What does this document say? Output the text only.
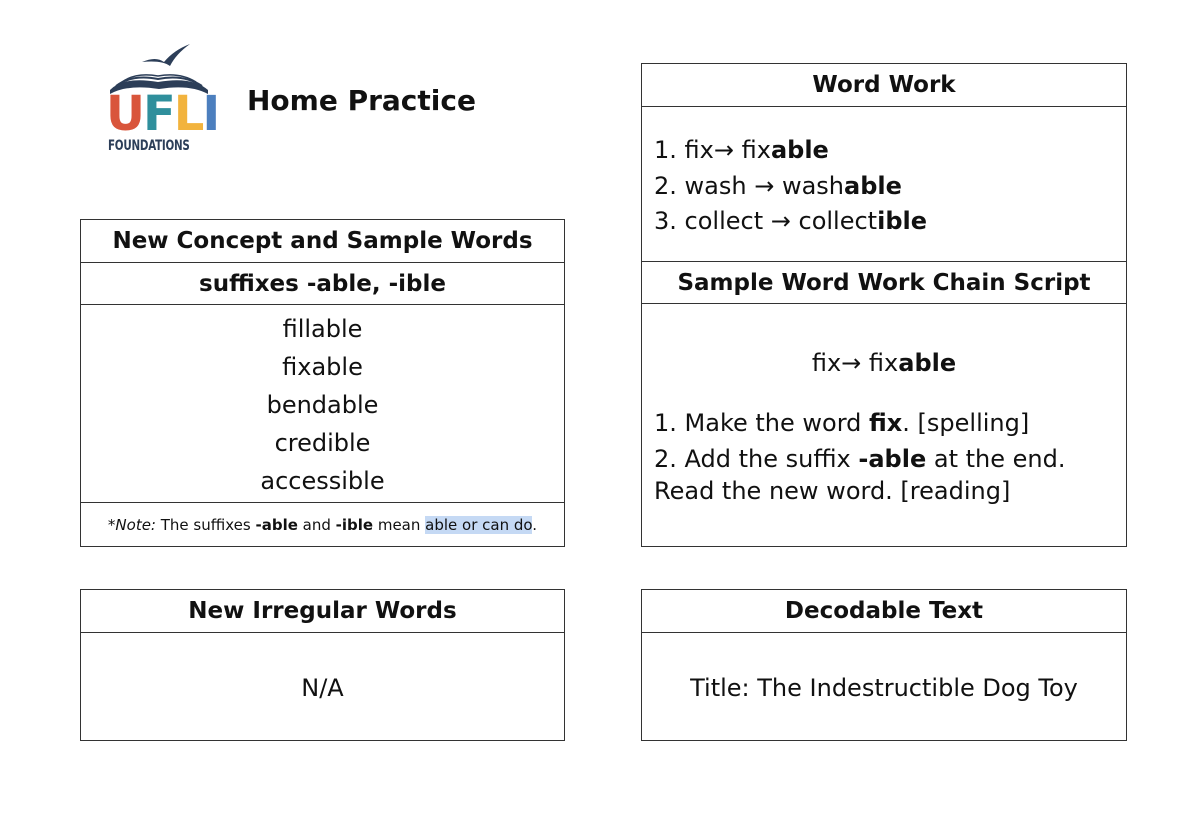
U F L I
FOUNDATIONS
Home Practice
New Concept and Sample Words
suffixes -able, -ible
fillable
fixable
bendable
credible
accessible
*Note: The suffixes -able and -ible mean able or can do.
New Irregular Words
N/A
Word Work
1. fix→ fixable
2. wash → washable
3. collect → collectible
Sample Word Work Chain Script
fix→ fixable
1. Make the word fix. [spelling]
2. Add the suffix -able at the end.
Read the new word. [reading]
Decodable Text
Title: The Indestructible Dog Toy
